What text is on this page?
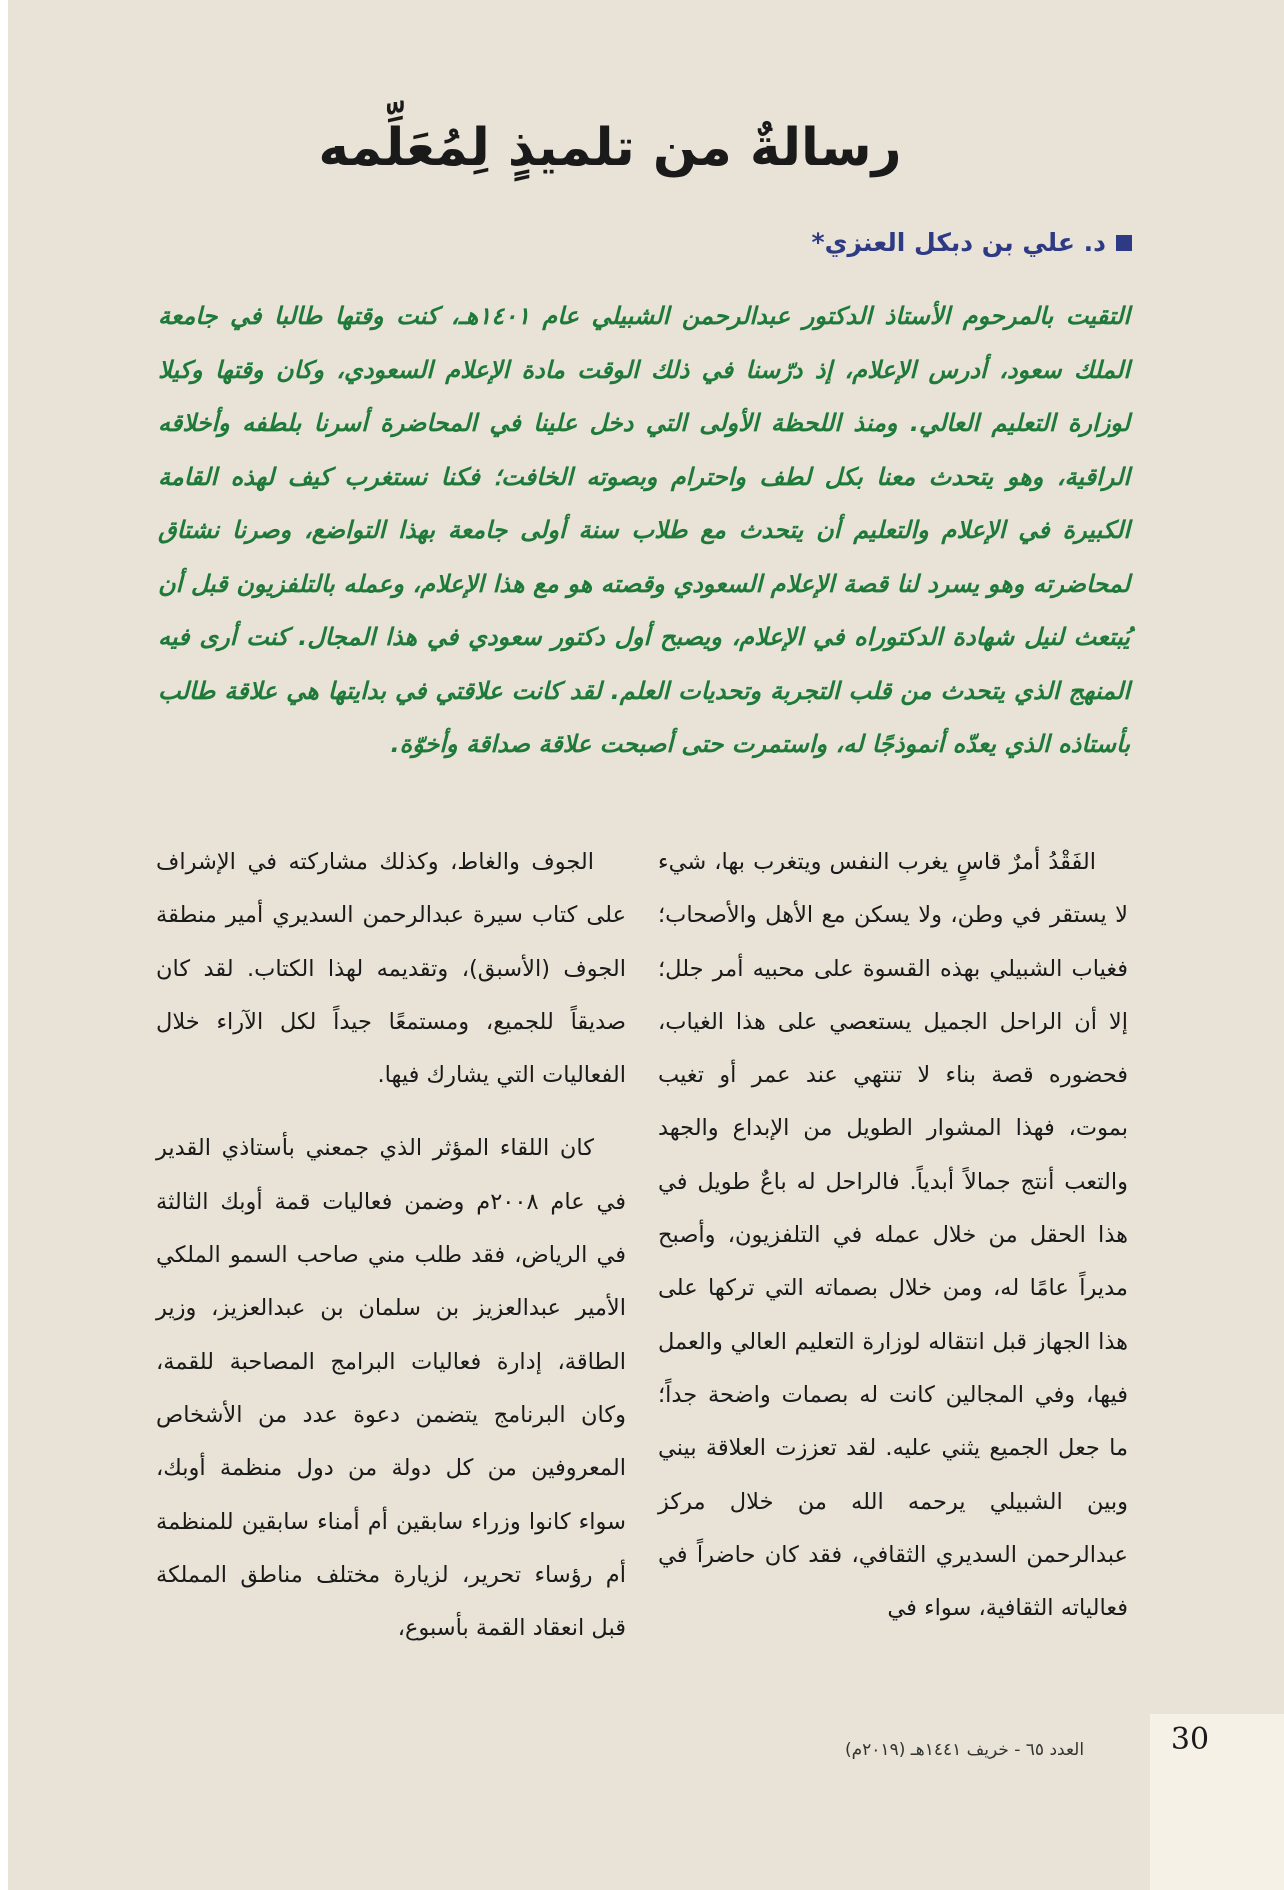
رسالةٌ من تلميذٍ لِمُعَلِّمه
د. علي بن دبكل العنزي*

التقيت بالمرحوم الأستاذ الدكتور عبدالرحمن الشبيلي عام ١٤٠١هـ، كنت وقتها طالبا في جامعة الملك سعود، أدرس الإعلام، إذ درّسنا في ذلك الوقت مادة الإعلام السعودي، وكان وقتها وكيلا لوزارة التعليم العالي. ومنذ اللحظة الأولى التي دخل علينا في المحاضرة أسرنا بلطفه وأخلاقه الراقية، وهو يتحدث معنا بكل لطف واحترام وبصوته الخافت؛ فكنا نستغرب كيف لهذه القامة الكبيرة في الإعلام والتعليم أن يتحدث مع طلاب سنة أولى جامعة بهذا التواضع، وصرنا نشتاق لمحاضرته وهو يسرد لنا قصة الإعلام السعودي وقصته هو مع هذا الإعلام، وعمله بالتلفزيون قبل أن يُبتعث لنيل شهادة الدكتوراه في الإعلام، ويصبح أول دكتور سعودي في هذا المجال. كنت أرى فيه المنهج الذي يتحدث من قلب التجربة وتحديات العلم. لقد كانت علاقتي في بدايتها هي علاقة طالب بأستاذه الذي يعدّه أنموذجًا له، واستمرت حتى أصبحت علاقة صداقة وأخوّة.

الفَقْدُ أمرٌ قاسٍ يغرب النفس ويتغرب بها، شيء لا يستقر في وطن، ولا يسكن مع الأهل والأصحاب؛ فغياب الشبيلي بهذه القسوة على محبيه أمر جلل؛ إلا أن الراحل الجميل يستعصي على هذا الغياب، فحضوره قصة بناء لا تنتهي عند عمر أو تغيب بموت، فهذا المشوار الطويل من الإبداع والجهد والتعب أنتج جمالاً أبدياً. فالراحل له باعٌ طويل في هذا الحقل من خلال عمله في التلفزيون، وأصبح مديراً عامًا له، ومن خلال بصماته التي تركها على هذا الجهاز قبل انتقاله لوزارة التعليم العالي والعمل فيها، وفي المجالين كانت له بصمات واضحة جداً؛ ما جعل الجميع يثني عليه. لقد تعززت العلاقة بيني وبين الشبيلي يرحمه الله من خلال مركز عبدالرحمن السديري الثقافي، فقد كان حاضراً في فعالياته الثقافية، سواء في

الجوف والغاط، وكذلك مشاركته في الإشراف على كتاب سيرة عبدالرحمن السديري أمير منطقة الجوف (الأسبق)، وتقديمه لهذا الكتاب. لقد كان صديقاً للجميع، ومستمعًا جيداً لكل الآراء خلال الفعاليات التي يشارك فيها.

كان اللقاء المؤثر الذي جمعني بأستاذي القدير في عام ٢٠٠٨م وضمن فعاليات قمة أوبك الثالثة في الرياض، فقد طلب مني صاحب السمو الملكي الأمير عبدالعزيز بن سلمان بن عبدالعزيز، وزير الطاقة، إدارة فعاليات البرامج المصاحبة للقمة، وكان البرنامج يتضمن دعوة عدد من الأشخاص المعروفين من كل دولة من دول منظمة أوبك، سواء كانوا وزراء سابقين أم أمناء سابقين للمنظمة أم رؤساء تحرير، لزيارة مختلف مناطق المملكة قبل انعقاد القمة بأسبوع،

30
العدد ٦٥ - خريف ١٤٤١هـ (٢٠١٩م)
